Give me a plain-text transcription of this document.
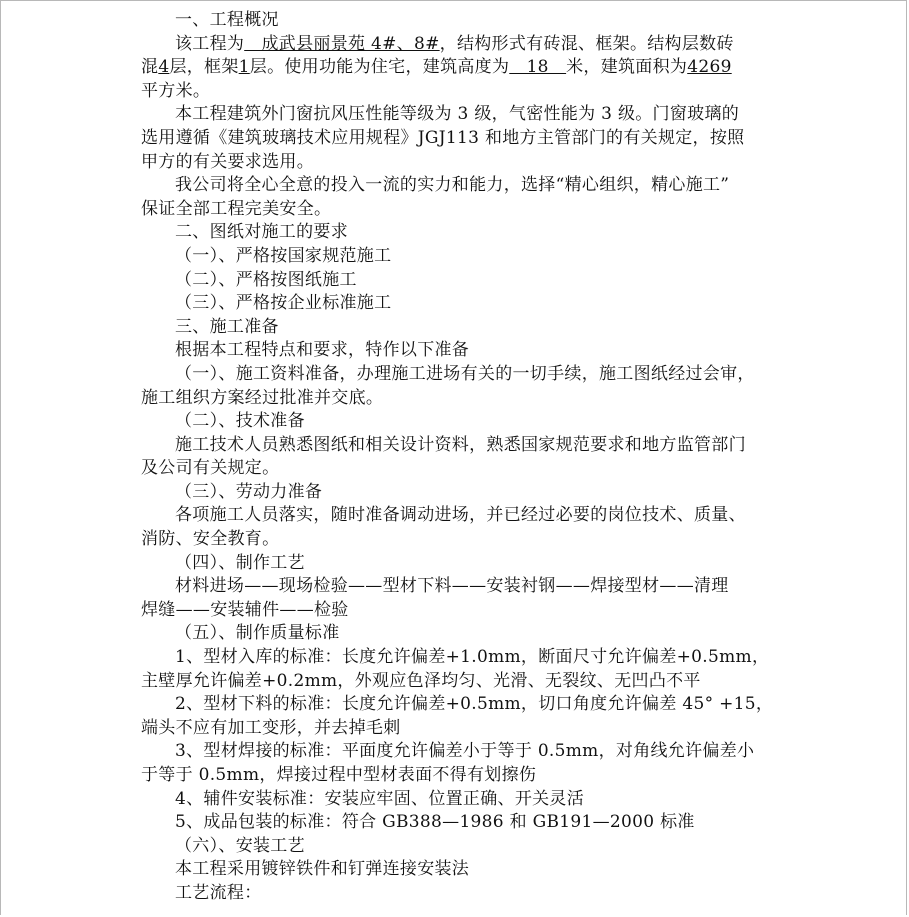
一、工程概况
该工程为　成武县丽景苑 4#、8#，结构形式有砖混、框架。结构层数砖
混4层，框架1层。使用功能为住宅，建筑高度为　18　米，建筑面积为4269
平方米。
本工程建筑外门窗抗风压性能等级为 3 级，气密性能为 3 级。门窗玻璃的
选用遵循《建筑玻璃技术应用规程》JGJ113 和地方主管部门的有关规定，按照
甲方的有关要求选用。
我公司将全心全意的投入一流的实力和能力，选择“精心组织，精心施工”
保证全部工程完美安全。
二、图纸对施工的要求
（一）、严格按国家规范施工
（二）、严格按图纸施工
（三）、严格按企业标准施工
三、施工准备
根据本工程特点和要求，特作以下准备
（一）、施工资料准备，办理施工进场有关的一切手续，施工图纸经过会审，
施工组织方案经过批准并交底。
（二）、技术准备
施工技术人员熟悉图纸和相关设计资料，熟悉国家规范要求和地方监管部门
及公司有关规定。
（三）、劳动力准备
各项施工人员落实，随时准备调动进场，并已经过必要的岗位技术、质量、
消防、安全教育。
（四）、制作工艺
材料进场——现场检验——型材下料——安装衬钢——焊接型材——清理
焊缝——安装辅件——检验
（五）、制作质量标准
1、型材入库的标准：长度允许偏差+1.0mm，断面尺寸允许偏差+0.5mm，
主壁厚允许偏差+0.2mm，外观应色泽均匀、光滑、无裂纹、无凹凸不平
2、型材下料的标准：长度允许偏差+0.5mm，切口角度允许偏差 45° +15，
端头不应有加工变形，并去掉毛刺
3、型材焊接的标准：平面度允许偏差小于等于 0.5mm，对角线允许偏差小
于等于 0.5mm，焊接过程中型材表面不得有划擦伤
4、辅件安装标准：安装应牢固、位置正确、开关灵活
5、成品包装的标准：符合 GB388—1986 和 GB191—2000 标准
（六）、安装工艺
本工程采用镀锌铁件和钉弹连接安装法
工艺流程：
